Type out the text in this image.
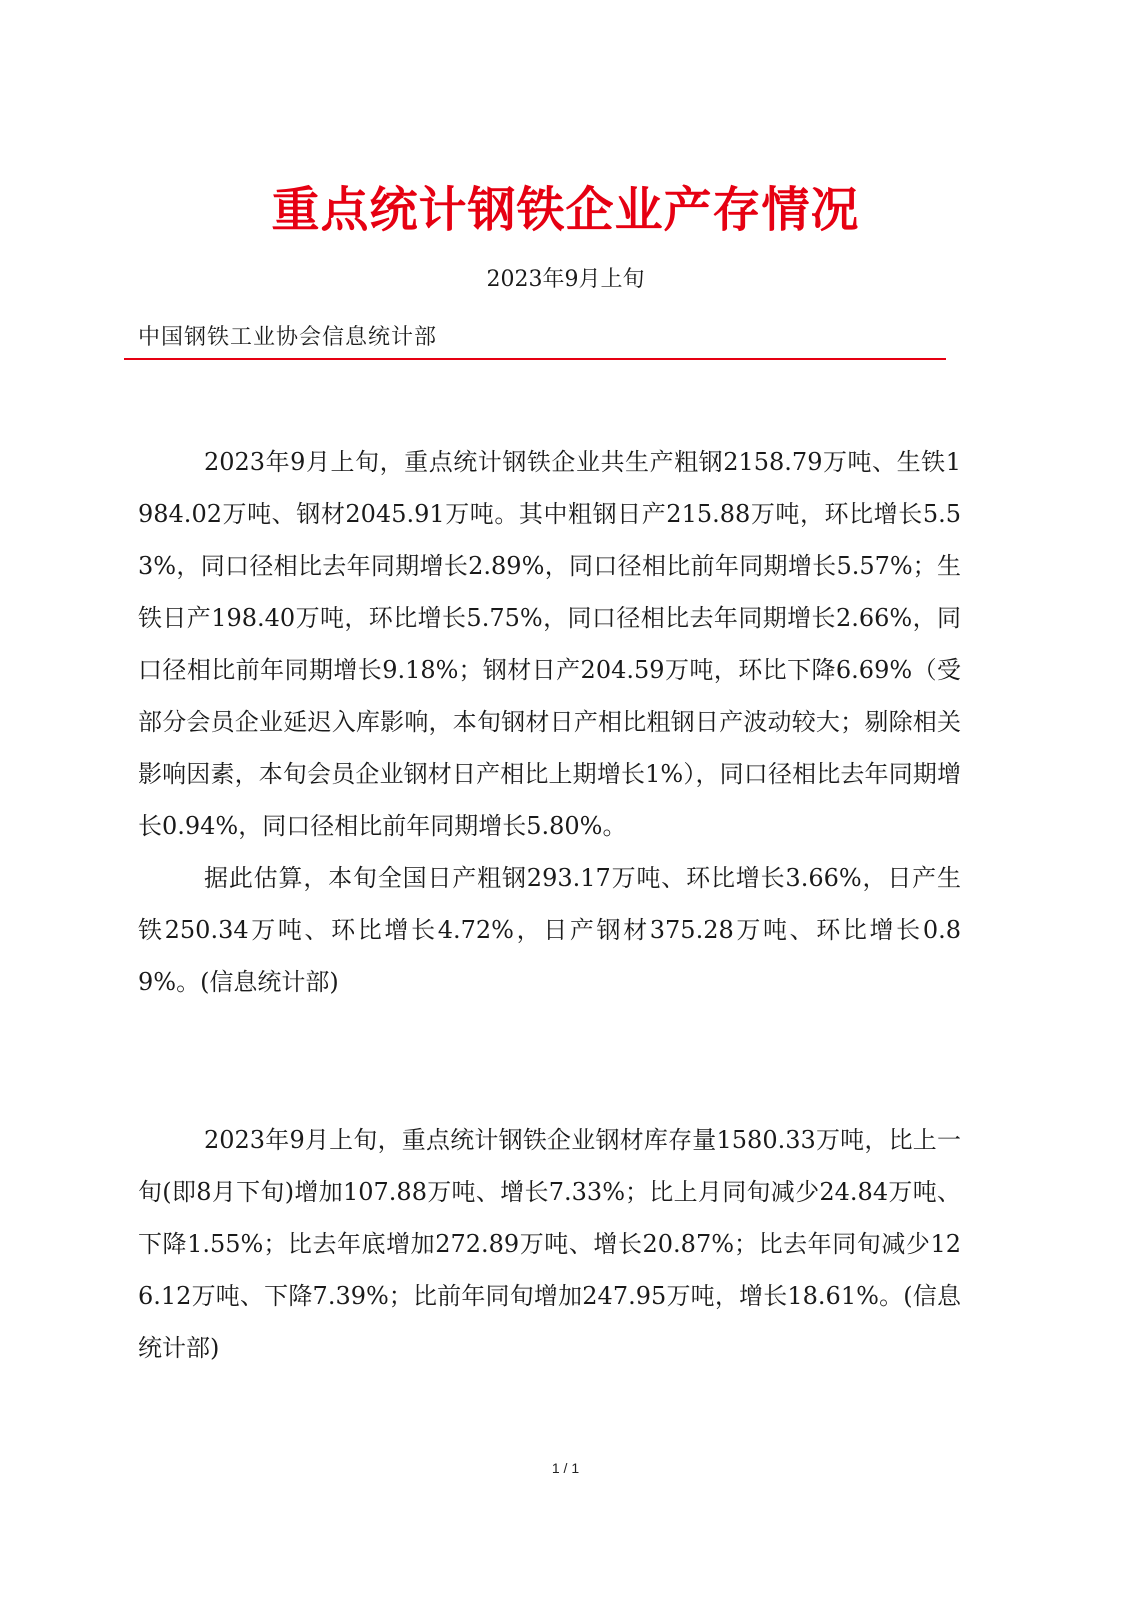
重点统计钢铁企业产存情况

2023年9月上旬

中国钢铁工业协会信息统计部

2023年9月上旬，重点统计钢铁企业共生产粗钢2158.79万吨、生铁1984.02万吨、钢材2045.91万吨。其中粗钢日产215.88万吨，环比增长5.53%，同口径相比去年同期增长2.89%，同口径相比前年同期增长5.57%；生铁日产198.40万吨，环比增长5.75%，同口径相比去年同期增长2.66%，同口径相比前年同期增长9.18%；钢材日产204.59万吨，环比下降6.69%（受部分会员企业延迟入库影响，本旬钢材日产相比粗钢日产波动较大；剔除相关影响因素，本旬会员企业钢材日产相比上期增长1%），同口径相比去年同期增长0.94%，同口径相比前年同期增长5.80%。

据此估算，本旬全国日产粗钢293.17万吨、环比增长3.66%，日产生铁250.34万吨、环比增长4.72%，日产钢材375.28万吨、环比增长0.89%。(信息统计部)

2023年9月上旬，重点统计钢铁企业钢材库存量1580.33万吨，比上一旬(即8月下旬)增加107.88万吨、增长7.33%；比上月同旬减少24.84万吨、下降1.55%；比去年底增加272.89万吨、增长20.87%；比去年同旬减少126.12万吨、下降7.39%；比前年同旬增加247.95万吨，增长18.61%。(信息统计部)

1 / 1
